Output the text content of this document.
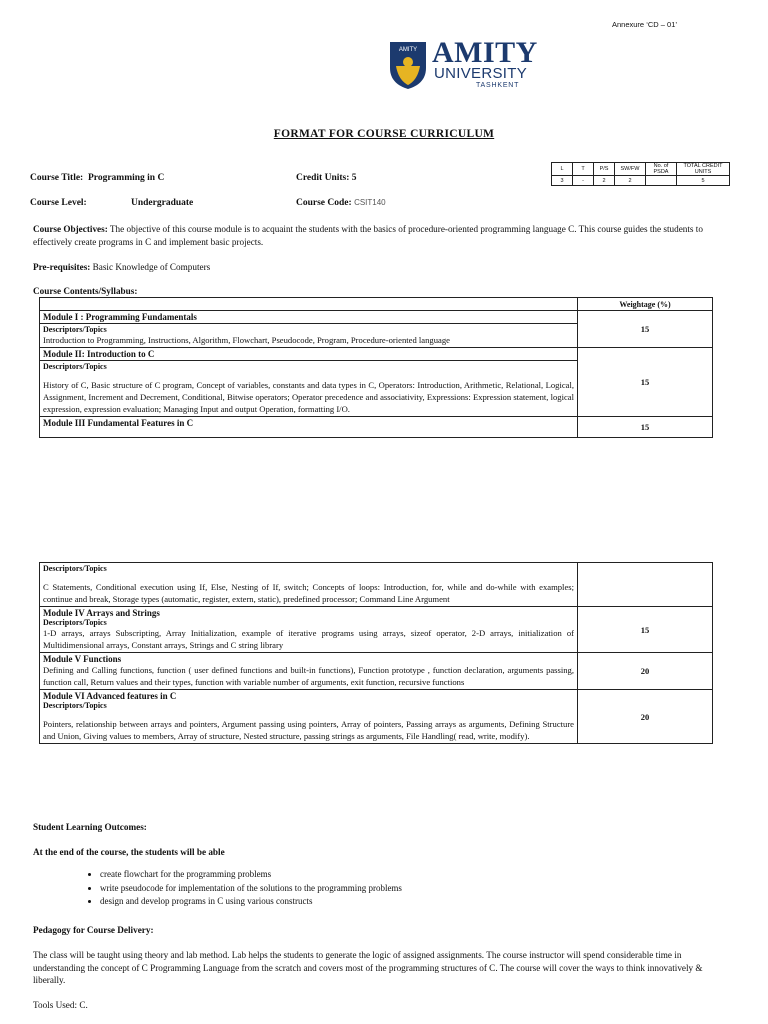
Annexure ‘CD – 01’
AMITY AMITY
UNIVERSITY
TASHKENT
FORMAT FOR COURSE CURRICULUM
Course Title: Programming in C	Credit Units: 5
Course Level:	Undergraduate	Course Code: CSIT140
L	T	P/S	SW/FW	No. of PSDA	TOTAL CREDIT UNITS
3	-	2	2		5
Course Objectives: The objective of this course module is to acquaint the students with the basics of procedure-oriented programming language C. This course guides the students to effectively create programs in C and implement basic projects.
Pre-requisites: Basic Knowledge of Computers
Course Contents/Syllabus:
	Weightage (%)

Module I : Programming Fundamentals
Descriptors/Topics
Introduction to Programming, Instructions, Algorithm, Flowchart, Pseudocode, Program, Procedure-oriented language	15

Module II: Introduction to C
Descriptors/Topics
History of C, Basic structure of C program, Concept of variables, constants and data types in C, Operators: Introduction, Arithmetic, Relational, Logical, Assignment, Increment and Decrement, Conditional, Bitwise operators; Operator precedence and associativity, Expressions: Expression statement, logical expression, expression evaluation; Managing Input and output Operation, formatting I/O.	15

Module III Fundamental Features in C	15
Descriptors/Topics
C Statements, Conditional execution using If, Else, Nesting of If, switch; Concepts of loops: Introduction, for, while and do-while with examples; continue and break, Storage types (automatic, register, extern, static), predefined processor; Command Line Argument	

Module IV Arrays and Strings
Descriptors/Topics
1-D arrays, arrays Subscripting, Array Initialization, example of iterative programs using arrays, sizeof operator, 2-D arrays, initialization of Multidimensional arrays, Constant arrays, Strings and C string library	15

Module V Functions
Defining and Calling functions, function ( user defined functions and built-in functions), Function prototype , function declaration, arguments passing, function call, Return values and their types, function with variable number of arguments, exit function, recursive functions	20

Module VI Advanced features in C
Descriptors/Topics
Pointers, relationship between arrays and pointers, Argument passing using pointers, Array of pointers, Passing arrays as arguments, Defining Structure and Union, Giving values to members, Array of structure, Nested structure, passing strings as arguments, File Handling( read, write, modify).	20
Student Learning Outcomes:
At the end of the course, the students will be able
• create flowchart for the programming problems
• write pseudocode for implementation of the solutions to the programming problems
• design and develop programs in C using various constructs
Pedagogy for Course Delivery:
The class will be taught using theory and lab method. Lab helps the students to generate the logic of assigned assignments. The course instructor will spend considerable time in understanding the concept of C Programming Language from the scratch and covers most of the programming structures of C. The course will cover the ways to think innovatively & liberally.
Tools Used: C.
